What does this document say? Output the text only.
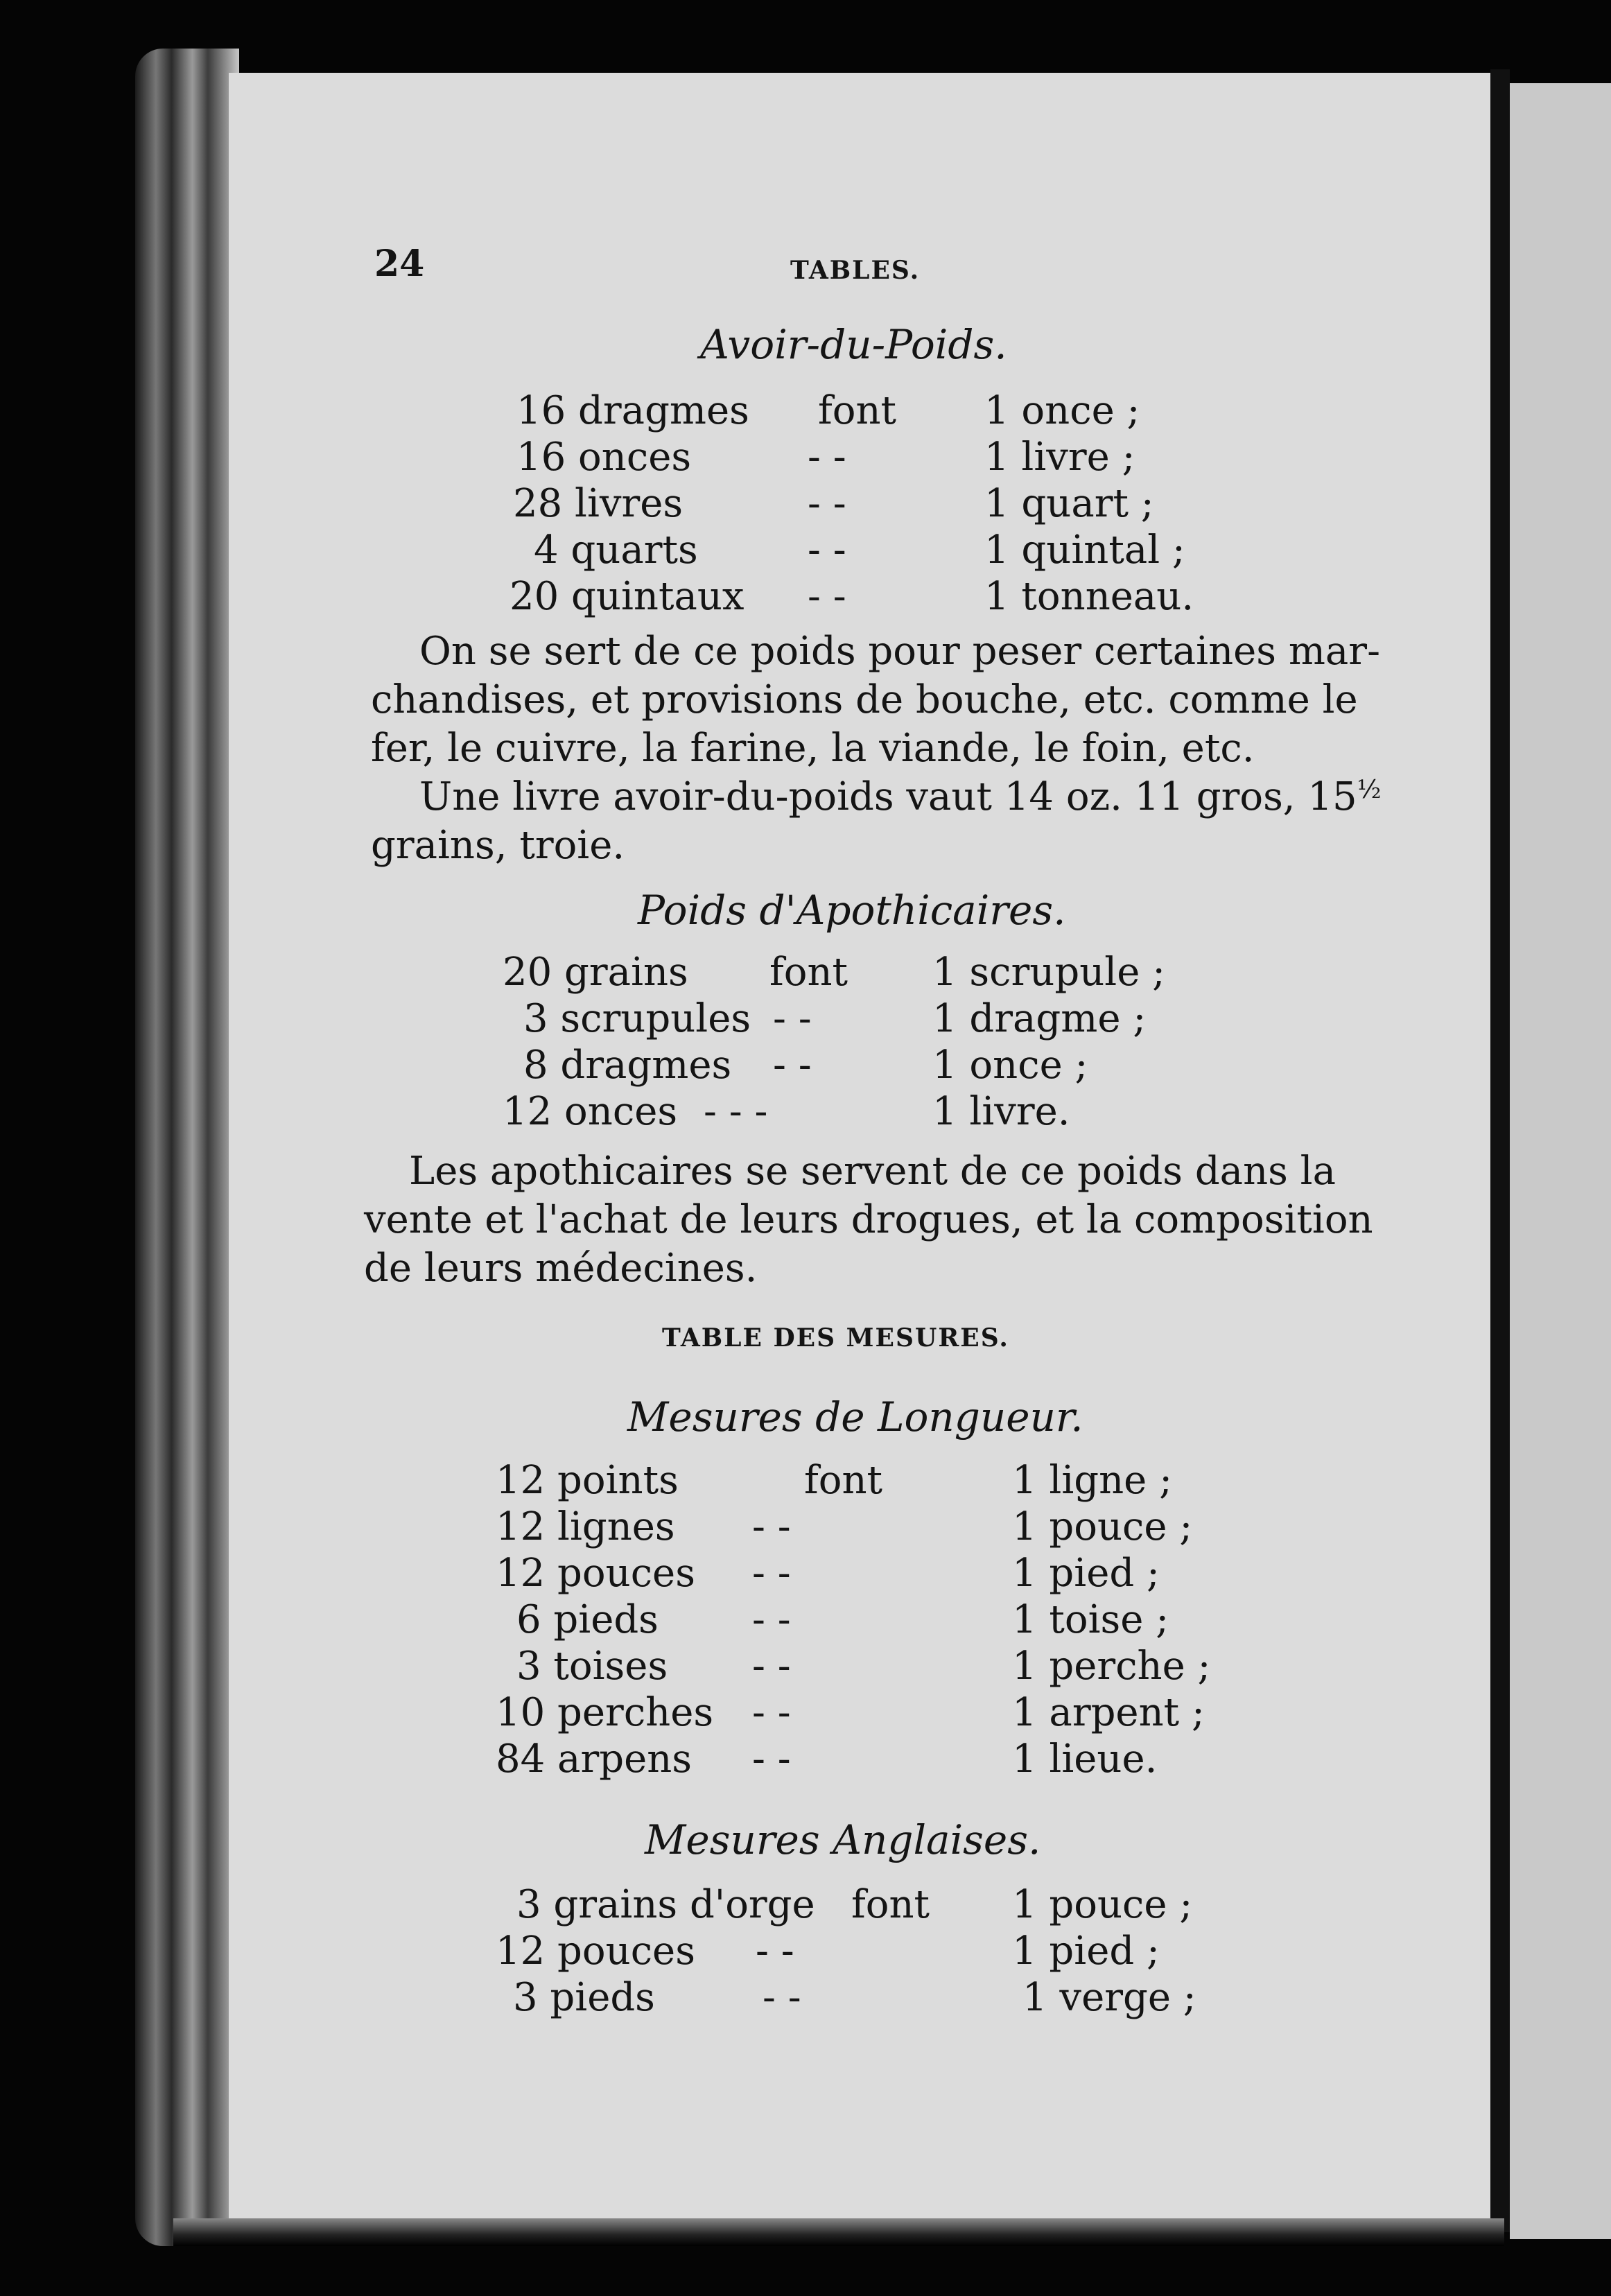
24	TABLES.
Avoir-du-Poids.
16 dragmes font 1 once ;
16 onces	- -	1 livre ;
28 livres	- -	1 quart ;
4 quarts	- -	1 quintal ;
20 quintaux - -	1 tonneau.
On se sert de ce poids pour peser certaines mar-
chandises, et provisions de bouche, etc. comme le
fer, le cuivre, la farine, la viande, le foin, etc.
Une livre avoir-du-poids vaut 14 oz. 11 gros, $15^{\frac{1}{2}}$
grains, troie.
Poids d'Apothicaires.
20 grains font 1 scrupule ;
3 scrupules - -	1 dragme ;
8 dragmes - -	1 once ;
12 onces - - -	1 livre.
Les apothicaires se servent de ce poids dans la
vente et l'achat de leurs drogues, et la composition
de leurs médecines.
TABLE DES MESURES.
Mesures de Longueur.
12 points	font	1 ligne ;
12 lignes - -	1 pouce ;
12 pouces - -	1 pied ;
6 pieds - -	1 toise ;
3 toises - -	1 perche ;
10 perches - -	1 arpent ;
84 arpens - -	1 lieue.
Mesures Anglaises.
3 grains d'orge font 1 pouce ;
12 pouces - -	1 pied ;
3 pieds	- -	1 verge ;
